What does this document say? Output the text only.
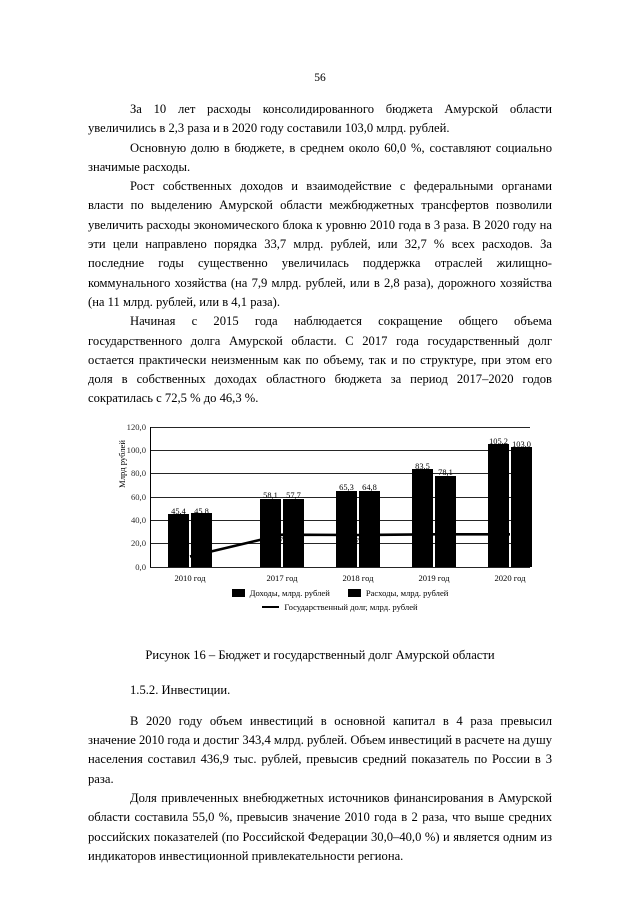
56

За 10 лет расходы консолидированного бюджета Амурской области увеличились в 2,3 раза и в 2020 году составили 103,0 млрд. рублей.

Основную долю в бюджете, в среднем около 60,0 %, составляют социально значимые расходы.

Рост собственных доходов и взаимодействие с федеральными органами власти по выделению Амурской области межбюджетных трансфертов позволили увеличить расходы экономического блока к уровню 2010 года в 3 раза. В 2020 году на эти цели направлено порядка 33,7 млрд. рублей, или 32,7 % всех расходов. За последние годы существенно увеличилась поддержка отраслей жилищно-коммунального хозяйства (на 7,9 млрд. рублей, или в 2,8 раза), дорожного хозяйства (на 11 млрд. рублей, или в 4,1 раза).

Начиная с 2015 года наблюдается сокращение общего объема государственного долга Амурской области. С 2017 года государственный долг остается практически неизменным как по объему, так и по структуре, при этом его доля в собственных доходах областного бюджета за период 2017–2020 годов сократилась с 72,5 % до 46,3 %.

Млрд рублей
120,0
100,0
80,0
60,0
40,0
20,0
0,0
45,4 45,8
58,1 57,7
65,3 64,8
83,5
78,1
105,2 103,0
27,7	27,4
2010 год	2017 год	2018 год	2019 год	2020 год
Доходы, млрд. рублей	Расходы, млрд. рублей
Государственный долг, млрд. рублей
Рисунок 16 – Бюджет и государственный долг Амурской области
1.5.2. Инвестиции.

В 2020 году объем инвестиций в основной капитал в 4 раза превысил значение 2010 года и достиг 343,4 млрд. рублей. Объем инвестиций в расчете на душу населения составил 436,9 тыс. рублей, превысив средний показатель по России в 3 раза.

Доля привлеченных внебюджетных источников финансирования в Амурской области составила 55,0 %, превысив значение 2010 года в 2 раза, что выше средних российских показателей (по Российской Федерации 30,0–40,0 %) и является одним из индикаторов инвестиционной привлекательности региона.
